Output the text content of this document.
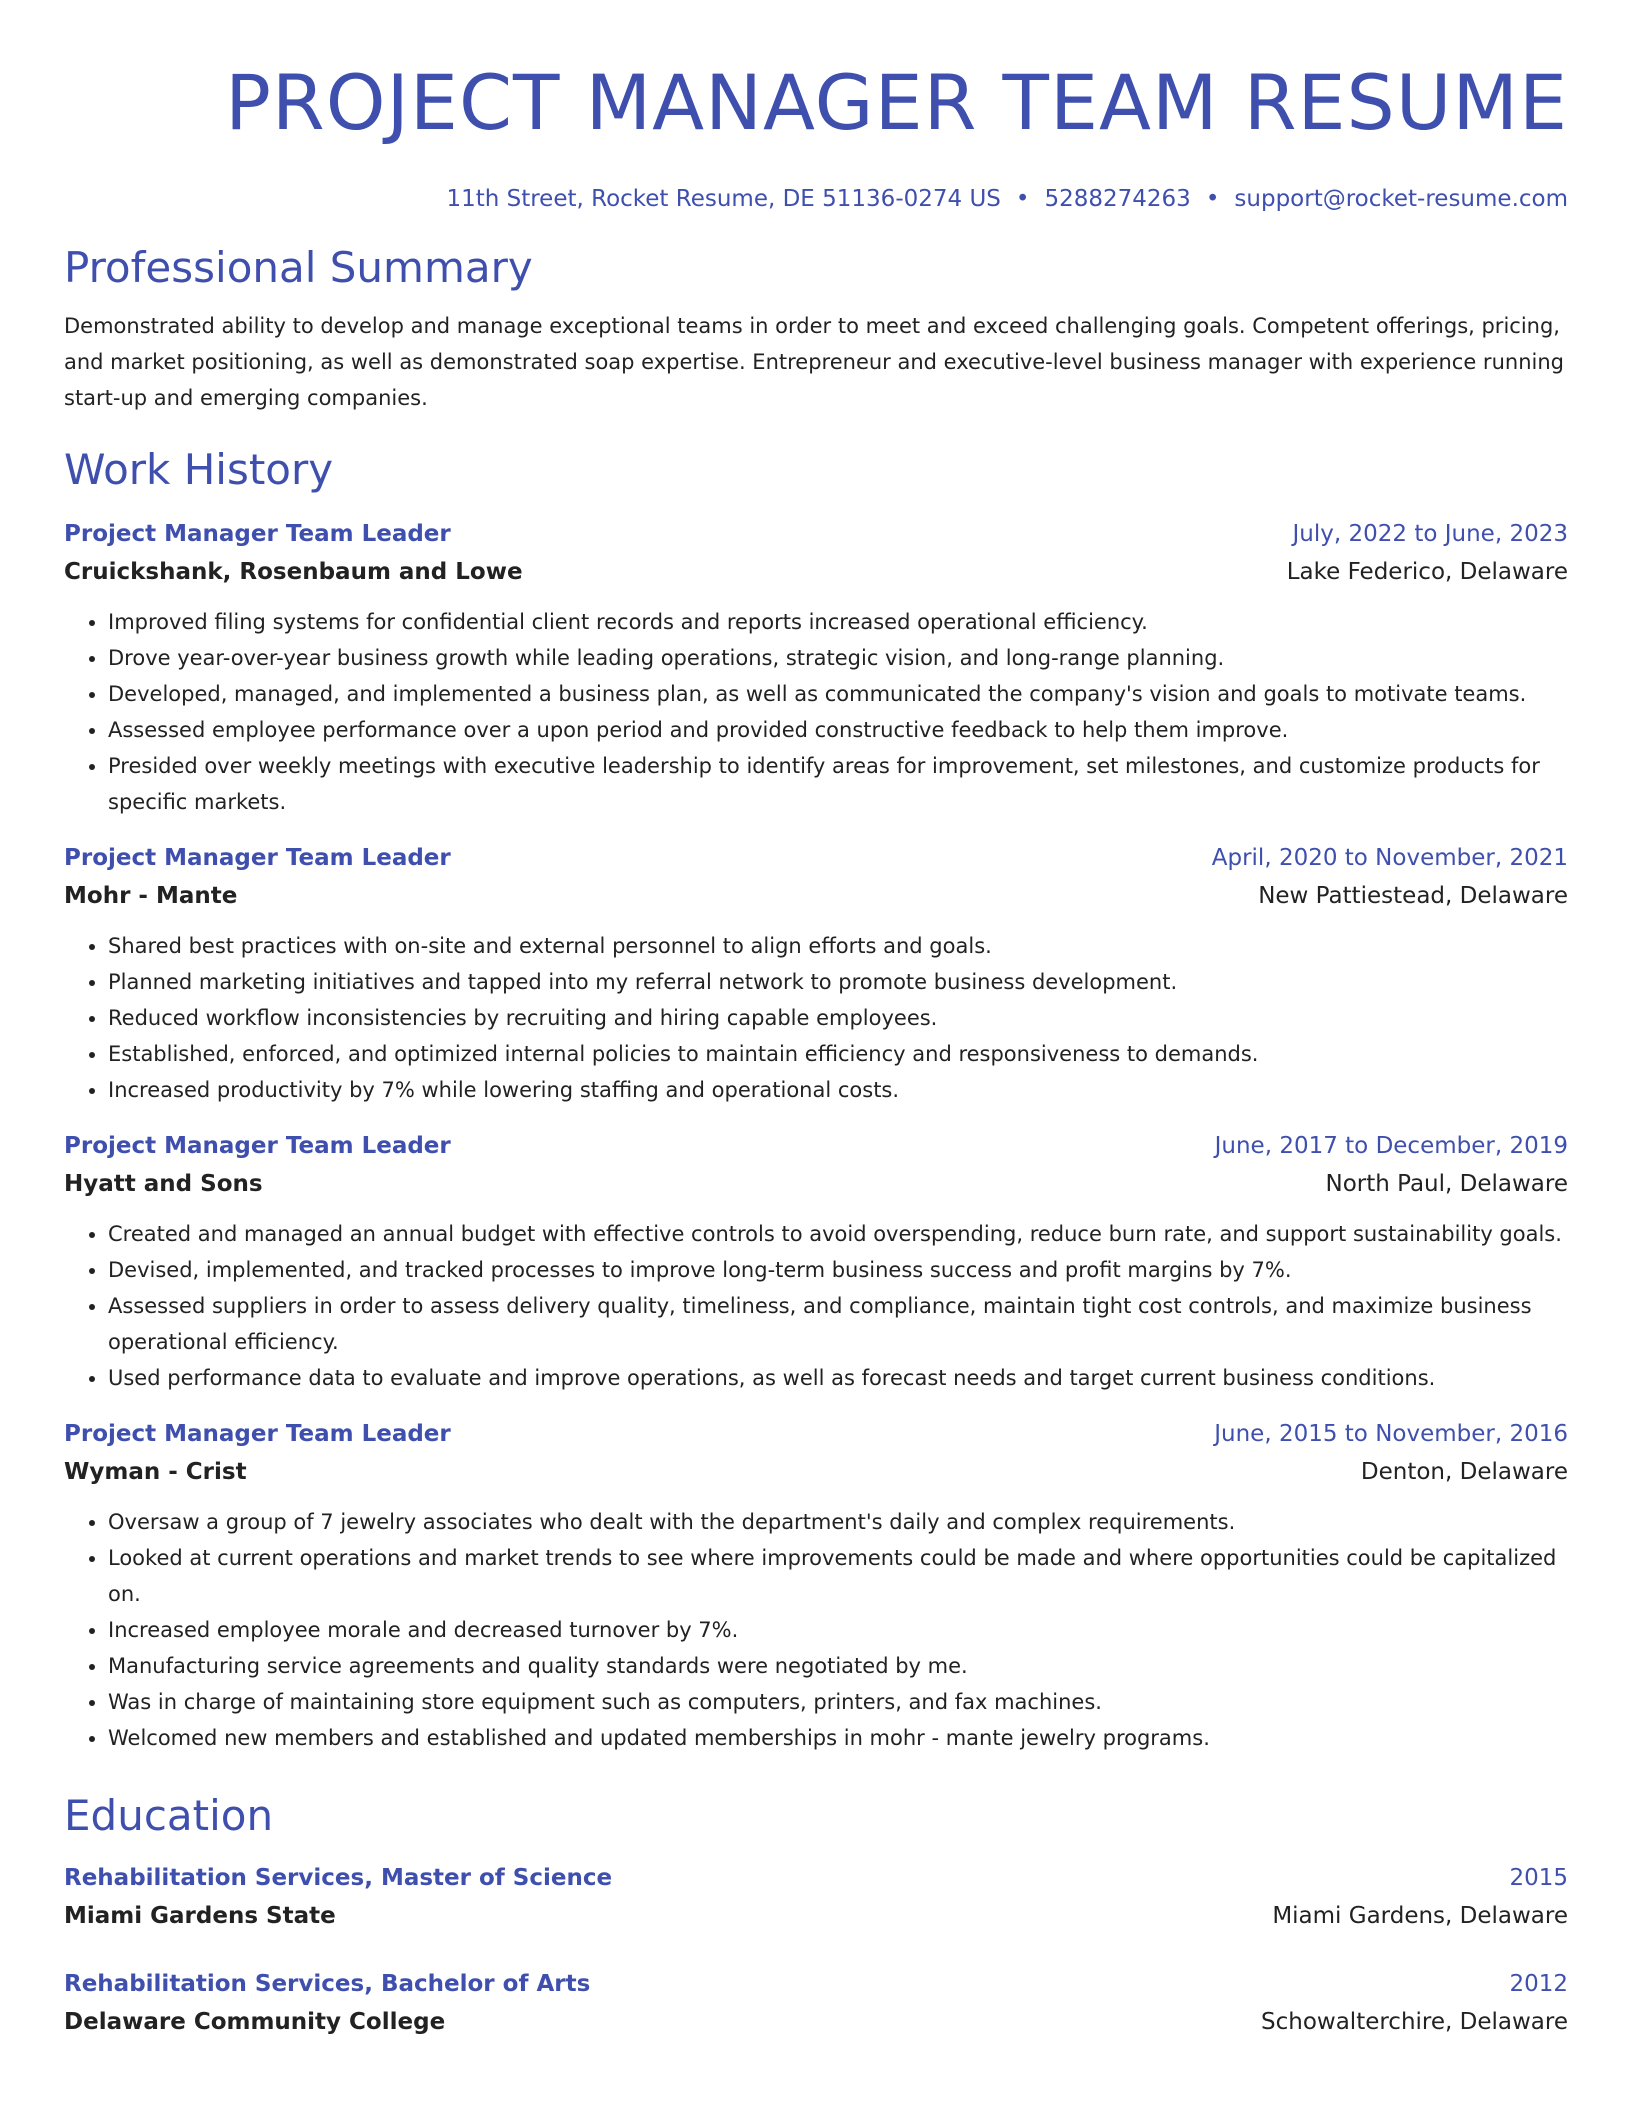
PROJECT MANAGER TEAM RESUME
11th Street, Rocket Resume, DE 51136-0274 US • 5288274263 • support@rocket-resume.com
Professional Summary
Demonstrated ability to develop and manage exceptional teams in order to meet and exceed challenging goals. Competent offerings, pricing, and market positioning, as well as demonstrated soap expertise. Entrepreneur and executive-level business manager with experience running start-up and emerging companies.
Work History
Project Manager Team Leader	July, 2022 to June, 2023
Cruickshank, Rosenbaum and Lowe	Lake Federico, Delaware
• Improved filing systems for confidential client records and reports increased operational efficiency.
• Drove year-over-year business growth while leading operations, strategic vision, and long-range planning.
• Developed, managed, and implemented a business plan, as well as communicated the company's vision and goals to motivate teams.
• Assessed employee performance over a upon period and provided constructive feedback to help them improve.
• Presided over weekly meetings with executive leadership to identify areas for improvement, set milestones, and customize products for specific markets.
Project Manager Team Leader	April, 2020 to November, 2021
Mohr - Mante	New Pattiestead, Delaware
• Shared best practices with on-site and external personnel to align efforts and goals.
• Planned marketing initiatives and tapped into my referral network to promote business development.
• Reduced workflow inconsistencies by recruiting and hiring capable employees.
• Established, enforced, and optimized internal policies to maintain efficiency and responsiveness to demands.
• Increased productivity by 7% while lowering staffing and operational costs.
Project Manager Team Leader	June, 2017 to December, 2019
Hyatt and Sons	North Paul, Delaware
• Created and managed an annual budget with effective controls to avoid overspending, reduce burn rate, and support sustainability goals.
• Devised, implemented, and tracked processes to improve long-term business success and profit margins by 7%.
• Assessed suppliers in order to assess delivery quality, timeliness, and compliance, maintain tight cost controls, and maximize business operational efficiency.
• Used performance data to evaluate and improve operations, as well as forecast needs and target current business conditions.
Project Manager Team Leader	June, 2015 to November, 2016
Wyman - Crist	Denton, Delaware
• Oversaw a group of 7 jewelry associates who dealt with the department's daily and complex requirements.
• Looked at current operations and market trends to see where improvements could be made and where opportunities could be capitalized on.
• Increased employee morale and decreased turnover by 7%.
• Manufacturing service agreements and quality standards were negotiated by me.
• Was in charge of maintaining store equipment such as computers, printers, and fax machines.
• Welcomed new members and established and updated memberships in mohr - mante jewelry programs.
Education
Rehabilitation Services, Master of Science	2015
Miami Gardens State	Miami Gardens, Delaware
Rehabilitation Services, Bachelor of Arts	2012
Delaware Community College	Schowalterchire, Delaware
